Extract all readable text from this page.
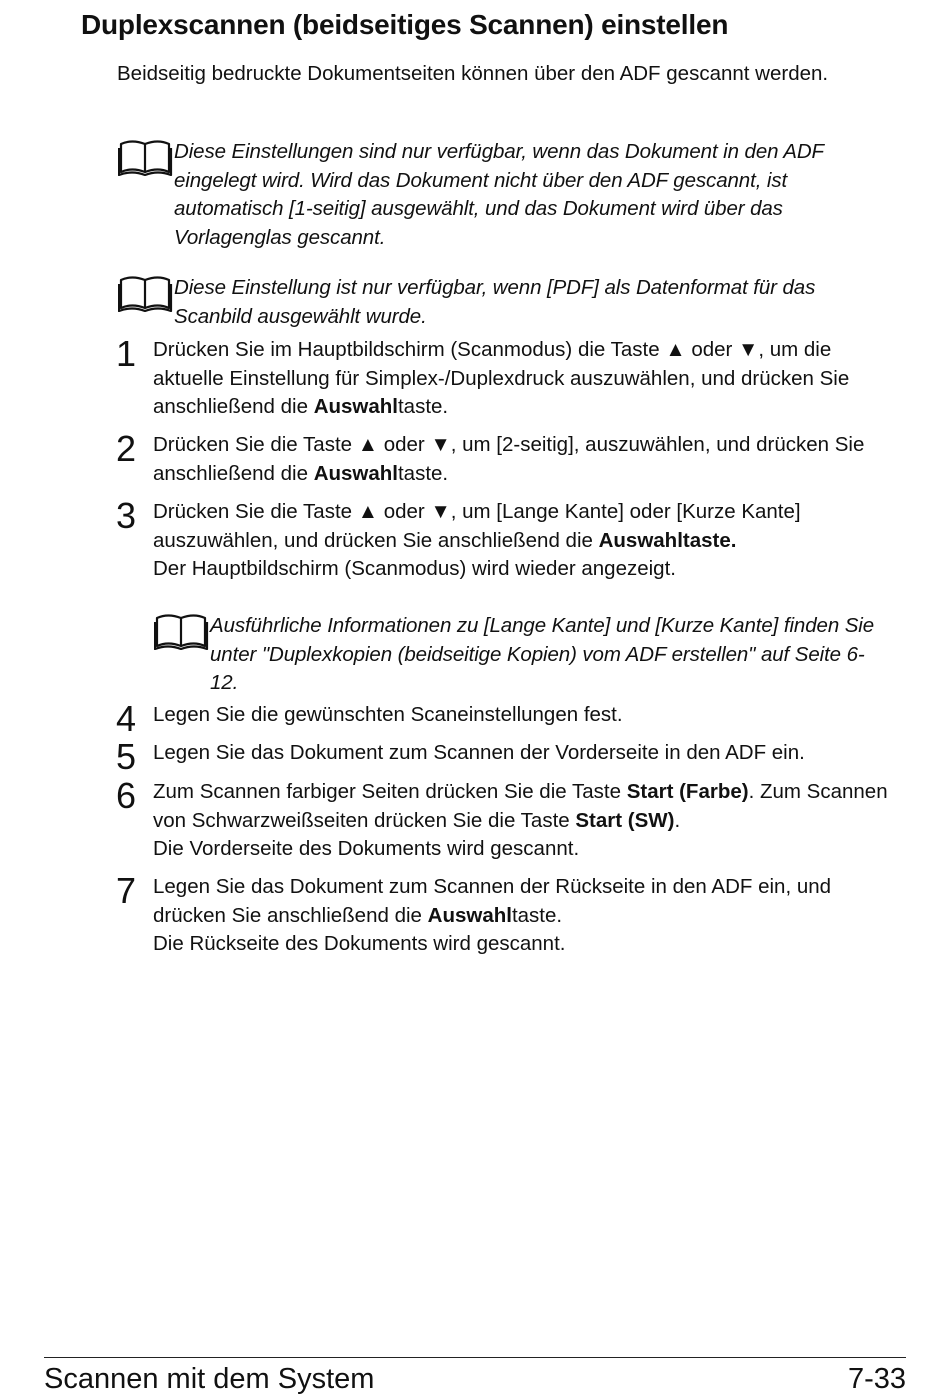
Duplexscannen (beidseitiges Scannen) einstellen
Beidseitig bedruckte Dokumentseiten können über den ADF gescannt werden.
Diese Einstellungen sind nur verfügbar, wenn das Dokument in den ADF eingelegt wird. Wird das Dokument nicht über den ADF gescannt, ist automatisch [1-seitig] ausgewählt, und das Dokument wird über das Vorlagenglas gescannt.
Diese Einstellung ist nur verfügbar, wenn [PDF] als Datenformat für das Scanbild ausgewählt wurde.
1 Drücken Sie im Hauptbildschirm (Scanmodus) die Taste ▲ oder ▼, um die aktuelle Einstellung für Simplex-/Duplexdruck auszuwählen, und drücken Sie anschließend die Auswahltaste.
2 Drücken Sie die Taste ▲ oder ▼, um [2-seitig], auszuwählen, und drücken Sie anschließend die Auswahltaste.
3 Drücken Sie die Taste ▲ oder ▼, um [Lange Kante] oder [Kurze Kante] auszuwählen, und drücken Sie anschließend die Auswahltaste.
Der Hauptbildschirm (Scanmodus) wird wieder angezeigt.
Ausführliche Informationen zu [Lange Kante] und [Kurze Kante] finden Sie unter "Duplexkopien (beidseitige Kopien) vom ADF erstellen" auf Seite 6-12.
4 Legen Sie die gewünschten Scaneinstellungen fest.
5 Legen Sie das Dokument zum Scannen der Vorderseite in den ADF ein.
6 Zum Scannen farbiger Seiten drücken Sie die Taste Start (Farbe). Zum Scannen von Schwarzweißseiten drücken Sie die Taste Start (SW).
Die Vorderseite des Dokuments wird gescannt.
7 Legen Sie das Dokument zum Scannen der Rückseite in den ADF ein, und drücken Sie anschließend die Auswahltaste.
Die Rückseite des Dokuments wird gescannt.
Scannen mit dem System	7-33
